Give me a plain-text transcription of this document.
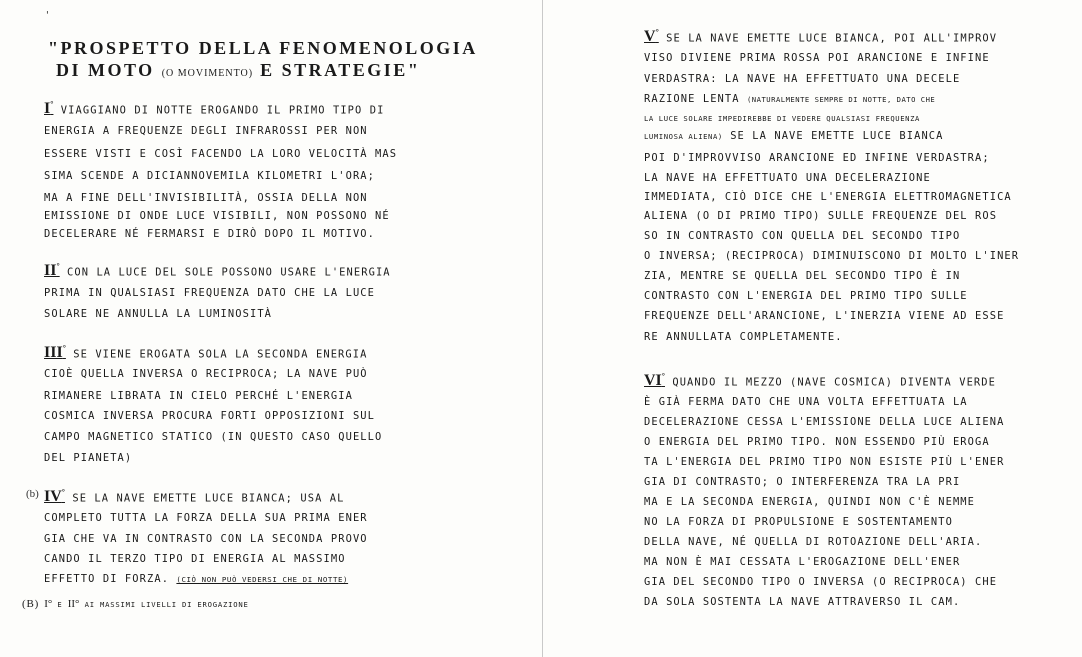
'
"PROSPETTO DELLA FENOMENOLOGIA
DI MOTO (O MOVIMENTO) E STRATEGIE"
I° VIAGGIANO DI NOTTE EROGANDO IL PRIMO TIPO DI
ENERGIA A FREQUENZE DEGLI INFRAROSSI PER NON
ESSERE VISTI E COSÌ FACENDO LA LORO VELOCITÀ MAS
SIMA SCENDE A DICIANNOVEMILA KILOMETRI L'ORA;
MA A FINE DELL'INVISIBILITÀ, OSSIA DELLA NON
EMISSIONE DI ONDE LUCE VISIBILI, NON POSSONO NÉ
DECELERARE NÉ FERMARSI E DIRÒ DOPO IL MOTIVO.
II° CON LA LUCE DEL SOLE POSSONO USARE L'ENERGIA
PRIMA IN QUALSIASI FREQUENZA DATO CHE LA LUCE
SOLARE NE ANNULLA LA LUMINOSITÀ
III° SE VIENE EROGATA SOLA LA SECONDA ENERGIA
CIOÈ QUELLA INVERSA O RECIPROCA; LA NAVE PUÒ
RIMANERE LIBRATA IN CIELO PERCHÉ L'ENERGIA
COSMICA INVERSA PROCURA FORTI OPPOSIZIONI SUL
CAMPO MAGNETICO STATICO (IN QUESTO CASO QUELLO
DEL PIANETA)
(b) IV° SE LA NAVE EMETTE LUCE BIANCA; USA AL
COMPLETO TUTTA LA FORZA DELLA SUA PRIMA ENER
GIA CHE VA IN CONTRASTO CON LA SECONDA PROVO
CANDO IL TERZO TIPO DI ENERGIA AL MASSIMO
EFFETTO DI FORZA. (CIÒ NON PUÒ VEDERSI CHE DI NOTTE)
(B) I° E II° AI MASSIMI LIVELLI DI EROGAZIONE
V° SE LA NAVE EMETTE LUCE BIANCA, POI ALL'IMPROV
VISO DIVIENE PRIMA ROSSA POI ARANCIONE E INFINE
VERDASTRA: LA NAVE HA EFFETTUATO UNA DECELE
RAZIONE LENTA (NATURALMENTE SEMPRE DI NOTTE, DATO CHE
LA LUCE SOLARE IMPEDIREBBE DI VEDERE QUALSIASI FREQUENZA
LUMINOSA ALIENA) SE LA NAVE EMETTE LUCE BIANCA
POI D'IMPROVVISO ARANCIONE ED INFINE VERDASTRA;
LA NAVE HA EFFETTUATO UNA DECELERAZIONE
IMMEDIATA, CIÒ DICE CHE L'ENERGIA ELETTROMAGNETICA
ALIENA (O DI PRIMO TIPO) SULLE FREQUENZE DEL ROS
SO IN CONTRASTO CON QUELLA DEL SECONDO TIPO
O INVERSA; (RECIPROCA) DIMINUISCONO DI MOLTO L'INER
ZIA, MENTRE SE QUELLA DEL SECONDO TIPO È IN
CONTRASTO CON L'ENERGIA DEL PRIMO TIPO SULLE
FREQUENZE DELL'ARANCIONE, L'INERZIA VIENE AD ESSE
RE ANNULLATA COMPLETAMENTE.
VI° QUANDO IL MEZZO (NAVE COSMICA) DIVENTA VERDE
È GIÀ FERMA DATO CHE UNA VOLTA EFFETTUATA LA
DECELERAZIONE CESSA L'EMISSIONE DELLA LUCE ALIENA
O ENERGIA DEL PRIMO TIPO. NON ESSENDO PIÙ EROGA
TA L'ENERGIA DEL PRIMO TIPO NON ESISTE PIÙ L'ENER
GIA DI CONTRASTO; O INTERFERENZA TRA LA PRI
MA E LA SECONDA ENERGIA, QUINDI NON C'È NEMME
NO LA FORZA DI PROPULSIONE E SOSTENTAMENTO
DELLA NAVE, NÉ QUELLA DI ROTOAZIONE DELL'ARIA.
MA NON È MAI CESSATA L'EROGAZIONE DELL'ENER
GIA DEL SECONDO TIPO O INVERSA (O RECIPROCA) CHE
DA SOLA SOSTENTA LA NAVE ATTRAVERSO IL CAM.
